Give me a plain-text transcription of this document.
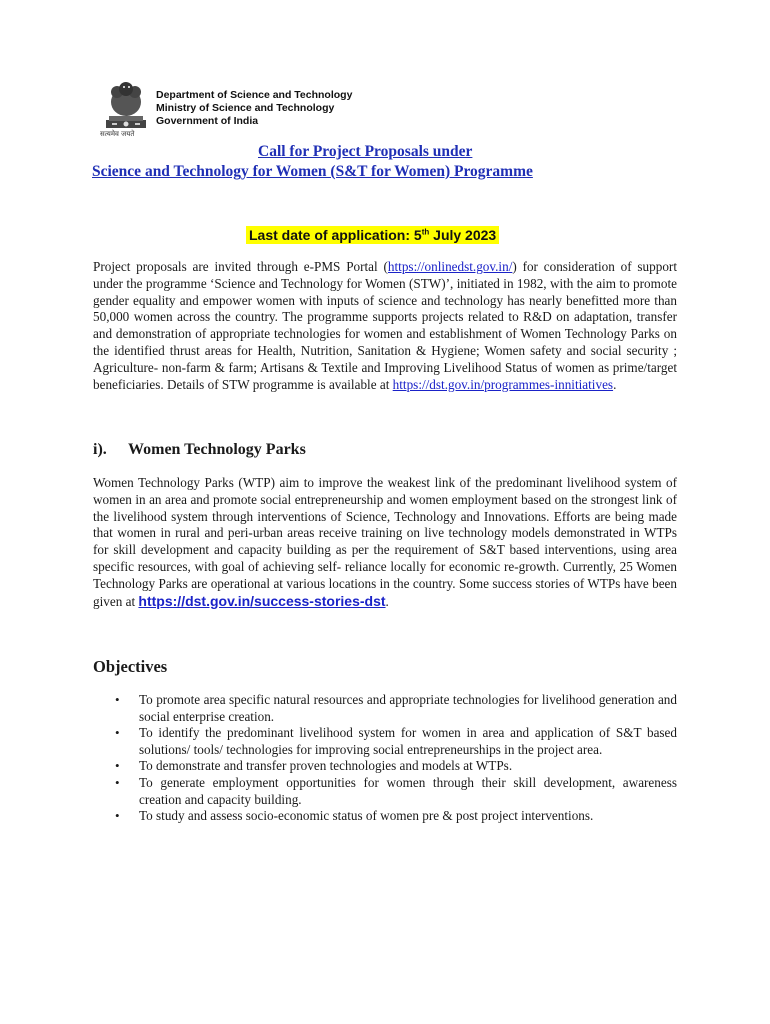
सत्यमेव जयते
Department of Science and Technology
Ministry of Science and Technology
Government of India
Call for Project Proposals under
Science and Technology for Women (S&T for Women) Programme

Last date of application: 5th July 2023

Project proposals are invited through e-PMS Portal (https://onlinedst.gov.in/) for consideration of support under the programme ‘Science and Technology for Women (STW)’, initiated in 1982, with the aim to promote gender equality and empower women with inputs of science and technology has nearly benefitted more than 50,000 women across the country. The programme supports projects related to R&D on adaptation, transfer and demonstration of appropriate technologies for women and establishment of Women Technology Parks on the identified thrust areas for Health, Nutrition, Sanitation & Hygiene; Women safety and social security ; Agriculture- non-farm & farm; Artisans & Textile and Improving Livelihood Status of women as prime/target beneficiaries. Details of STW programme is available at https://dst.gov.in/programmes-innitiatives.

i). Women Technology Parks

Women Technology Parks (WTP) aim to improve the weakest link of the predominant livelihood system of women in an area and promote social entrepreneurship and women employment based on the strongest link of the livelihood system through interventions of Science, Technology and Innovations. Efforts are being made that women in rural and peri-urban areas receive training on live technology models demonstrated in WTPs for skill development and capacity building as per the requirement of S&T based interventions, using area specific resources, with goal of achieving self- reliance locally for economic re-growth. Currently, 25 Women Technology Parks are operational at various locations in the country. Some success stories of WTPs have been given at https://dst.gov.in/success-stories-dst.

Objectives
• To promote area specific natural resources and appropriate technologies for livelihood generation and social enterprise creation.
• To identify the predominant livelihood system for women in area and application of S&T based solutions/ tools/ technologies for improving social entrepreneurships in the project area.
• To demonstrate and transfer proven technologies and models at WTPs.
• To generate employment opportunities for women through their skill development, awareness creation and capacity building.
• To study and assess socio-economic status of women pre & post project interventions.
